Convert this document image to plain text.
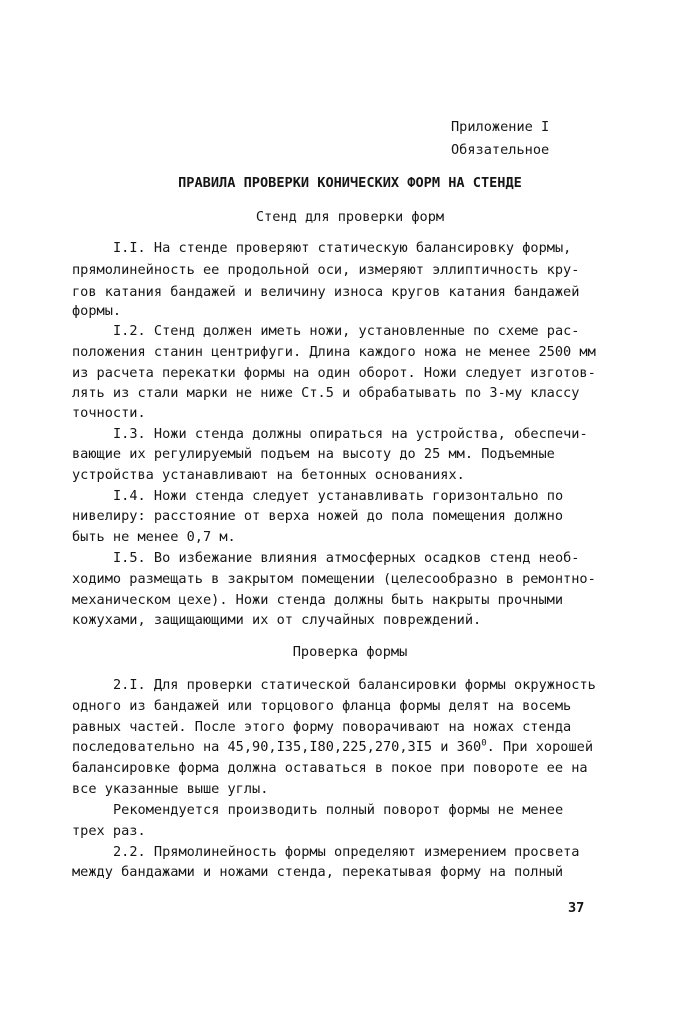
Приложение I

Обязательное

ПРАВИЛА ПРОВЕРКИ КОНИЧЕСКИХ ФОРМ НА СТЕНДЕ

Стенд для проверки форм

I.I. На стенде проверяют статическую балансировку формы,

прямолинейность ее продольной оси, измеряют эллиптичность кру-

гов катания бандажей и величину износа кругов катания бандажей

формы.

I.2. Стенд должен иметь ножи, установленные по схеме рас-

положения станин центрифуги. Длина каждого ножа не менее 2500 мм

из расчета перекатки формы на один оборот. Ножи следует изготов-

лять из стали марки не ниже Ст.5 и обрабатывать по 3-му классу

точности.

I.3. Ножи стенда должны опираться на устройства, обеспечи-

вающие их регулируемый подъем на высоту до 25 мм. Подъемные

устройства устанавливают на бетонных основаниях.

I.4. Ножи стенда следует устанавливать горизонтально по

нивелиру: расстояние от верха ножей до пола помещения должно

быть не менее 0,7 м.

I.5. Во избежание влияния атмосферных осадков стенд необ-

ходимо размещать в закрытом помещении (целесообразно в ремонтно-

механическом цехе). Ножи стенда должны быть накрыты прочными

кожухами, защищающими их от случайных повреждений.

Проверка формы

2.I. Для проверки статической балансировки формы окружность

одного из бандажей или торцового фланца формы делят на восемь

равных частей. После этого форму поворачивают на ножах стенда

последовательно на 45,90,I35,I80,225,270,3I5 и $360^0$. При хорошей

балансировке форма должна оставаться в покое при повороте ее на

все указанные выше углы.

Рекомендуется производить полный поворот формы не менее

трех раз.

2.2. Прямолинейность формы определяют измерением просвета

между бандажами и ножами стенда, перекатывая форму на полный

37
